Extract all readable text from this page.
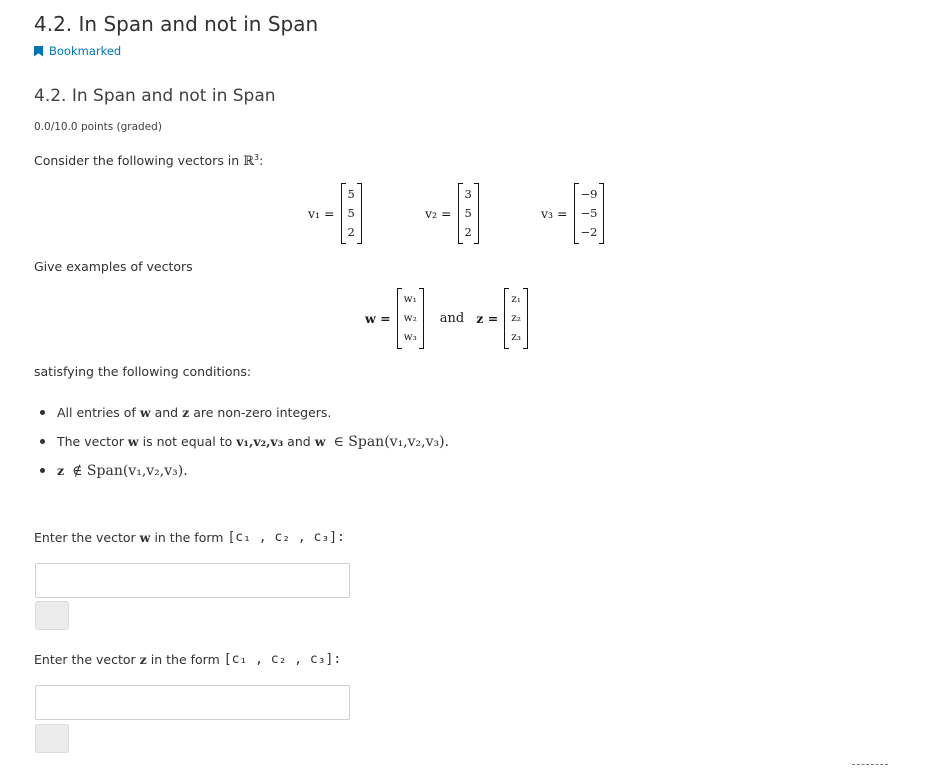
4.2. In Span and not in Span
Bookmarked
4.2. In Span and not in Span
0.0/10.0 points (graded)
Consider the following vectors in ℝ$^3$:
v₁ =
5
5
2
v₂ =
3
5
2
v₃ =
−9
−5
−2
Give examples of vectors
w =
w₁
w₂
w₃
and z =
z₁
z₂
z₃
satisfying the following conditions:
All entries of w and z are non-zero integers.
The vector w is not equal to v₁,v₂,v₃ and w ∈ Span(v₁,v₂,v₃).
z ∉ Span(v₁,v₂,v₃).
Enter the vector w in the form [c₁ , c₂ , c₃]:
Enter the vector z in the form [c₁ , c₂ , c₃]:
